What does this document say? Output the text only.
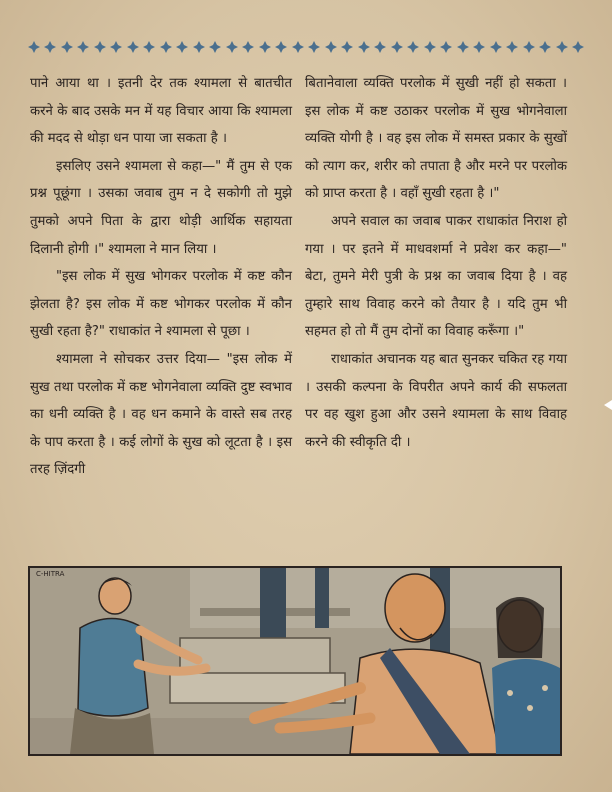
पाने आया था । इतनी देर तक श्यामला से बातचीत करने के बाद उसके मन में यह विचार आया कि श्यामला की मदद से थोड़ा धन पाया जा सकता है ।

इसलिए उसने श्यामला से कहा—" मैं तुम से एक प्रश्न पूछूंगा । उसका जवाब तुम न दे सकोगी तो मुझे तुमको अपने पिता के द्वारा थोड़ी आर्थिक सहायता दिलानी होगी ।" श्यामला ने मान लिया ।

"इस लोक में सुख भोगकर परलोक में कष्ट कौन झेलता है? इस लोक में कष्ट भोगकर परलोक में कौन सुखी रहता है?" राधाकांत ने श्यामला से पूछा ।

श्यामला ने सोचकर उत्तर दिया— "इस लोक में सुख तथा परलोक में कष्ट भोगनेवाला व्यक्ति दुष्ट स्वभाव का धनी व्यक्ति है । वह धन कमाने के वास्ते सब तरह के पाप करता है । कई लोगों के सुख को लूटता है । इस तरह ज़िंदगी

बितानेवाला व्यक्ति परलोक में सुखी नहीं हो सकता । इस लोक में कष्ट उठाकर परलोक में सुख भोगनेवाला व्यक्ति योगी है । वह इस लोक में समस्त प्रकार के सुखों को त्याग कर, शरीर को तपाता है और मरने पर परलोक को प्राप्त करता है । वहाँ सुखी रहता है ।"

अपने सवाल का जवाब पाकर राधाकांत निराश हो गया । पर इतने में माधवशर्मा ने प्रवेश कर कहा—" बेटा, तुमने मेरी पुत्री के प्रश्न का जवाब दिया है । वह तुम्हारे साथ विवाह करने को तैयार है । यदि तुम भी सहमत हो तो मैं तुम दोनों का विवाह करूँगा ।"

राधाकांत अचानक यह बात सुनकर चकित रह गया । उसकी कल्पना के विपरीत अपने कार्य की सफलता पर वह खुश हुआ और उसने श्यामला के साथ विवाह करने की स्वीकृति दी ।

C-HITRA
